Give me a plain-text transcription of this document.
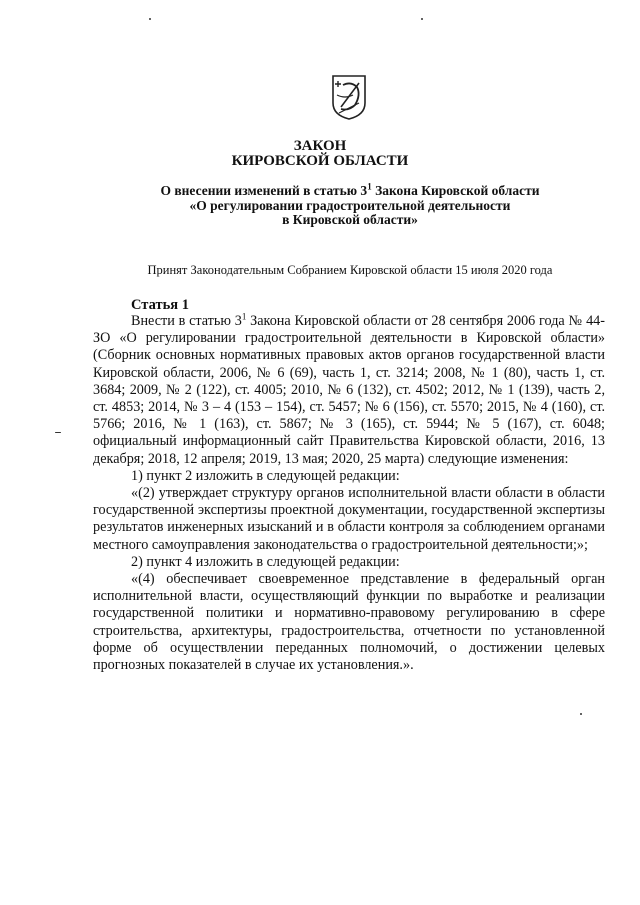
ЗАКОН
КИРОВСКОЙ ОБЛАСТИ
О внесении изменений в статью $3^1$ Закона Кировской области
«О регулировании градостроительной деятельности
в Кировской области»
Принят Законодательным Собранием Кировской области 15 июля 2020 года
Статья 1

Внести в статью $3^1$ Закона Кировской области от 28 сентября 2006 года № 44-ЗО «О регулировании градостроительной деятельности в Кировской области» (Сборник основных нормативных правовых актов органов государственной власти Кировской области, 2006, № 6 (69), часть 1, ст. 3214; 2008, № 1 (80), часть 1, ст. 3684; 2009, № 2 (122), ст. 4005; 2010, № 6 (132), ст. 4502; 2012, № 1 (139), часть 2, ст. 4853; 2014, № 3 – 4 (153 – 154), ст. 5457; № 6 (156), ст. 5570; 2015, № 4 (160), ст. 5766; 2016, № 1 (163), ст. 5867; № 3 (165), ст. 5944; № 5 (167), ст. 6048; официальный информационный сайт Правительства Кировской области, 2016, 13 декабря; 2018, 12 апреля; 2019, 13 мая; 2020, 25 марта) следующие изменения:

1) пункт 2 изложить в следующей редакции:

«(2) утверждает структуру органов исполнительной власти области в области государственной экспертизы проектной документации, государственной экспертизы результатов инженерных изысканий и в области контроля за соблюдением органами местного самоуправления законодательства о градостроительной деятельности;»;

2) пункт 4 изложить в следующей редакции:

«(4) обеспечивает своевременное представление в федеральный орган исполнительной власти, осуществляющий функции по выработке и реализации государственной политики и нормативно-правовому регулированию в сфере строительства, архитектуры, градостроительства, отчетности по установленной форме об осуществлении переданных полномочий, о достижении целевых прогнозных показателей в случае их установления.».
